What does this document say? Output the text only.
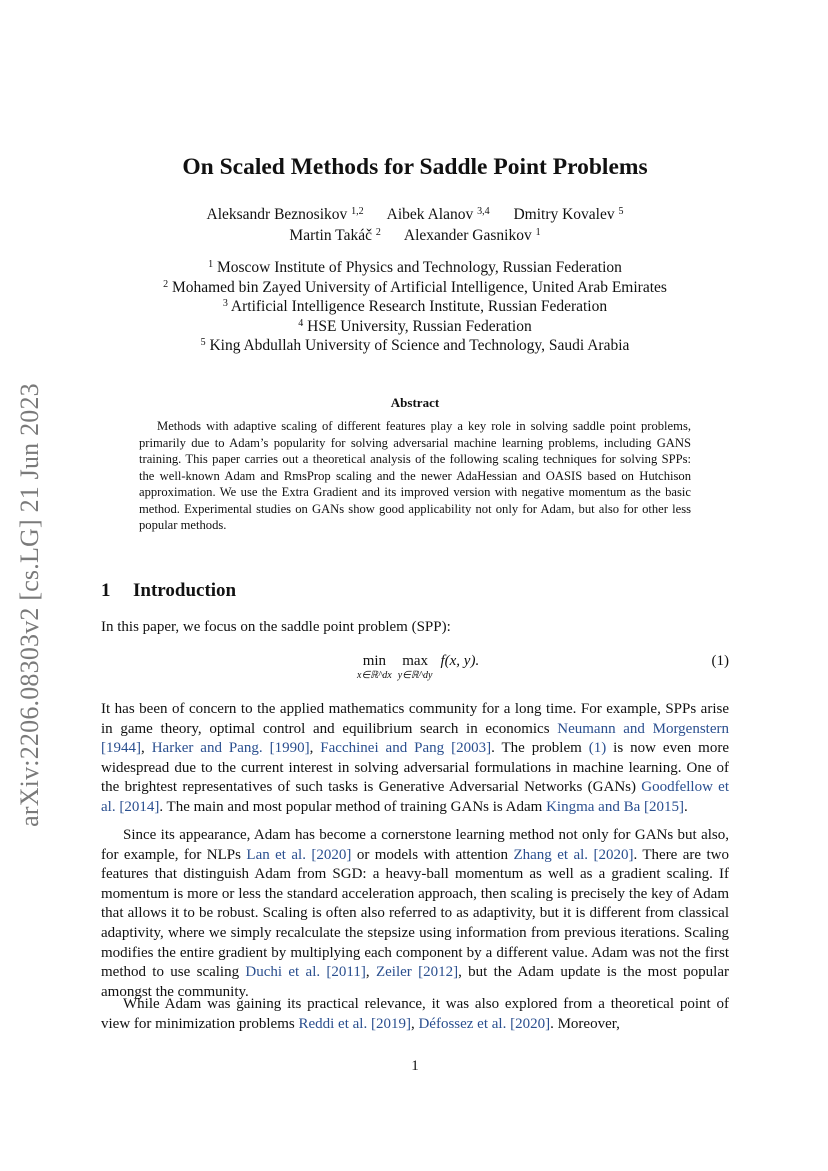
arXiv:2206.08303v2 [cs.LG] 21 Jun 2023
On Scaled Methods for Saddle Point Problems
Aleksandr Beznosikov $^{1,2}$ Aibek Alanov $^{3,4}$ Dmitry Kovalev $^5$
Martin Takáč $^2$ Alexander Gasnikov $^1$
$^1$ Moscow Institute of Physics and Technology, Russian Federation
$^2$ Mohamed bin Zayed University of Artificial Intelligence, United Arab Emirates
$^3$ Artificial Intelligence Research Institute, Russian Federation
$^4$ HSE University, Russian Federation
$^5$ King Abdullah University of Science and Technology, Saudi Arabia
Abstract

Methods with adaptive scaling of different features play a key role in solving saddle point problems, primarily due to Adam’s popularity for solving adversarial machine learning problems, including GANS training. This paper carries out a theoretical analysis of the following scaling techniques for solving SPPs: the well-known Adam and RmsProp scaling and the newer AdaHessian and OASIS based on Hutchison approximation. We use the Extra Gradient and its improved version with negative momentum as the basic method. Experimental studies on GANs show good applicability not only for Adam, but also for other less popular methods.

1 Introduction

In this paper, we focus on the saddle point problem (SPP):

min
x∈ℝ^dx
max
y∈ℝ^dy
f(x, y).	(1)

It has been of concern to the applied mathematics community for a long time. For example, SPPs arise in game theory, optimal control and equilibrium search in economics Neumann and Morgenstern [1944], Harker and Pang. [1990], Facchinei and Pang [2003]. The problem (1) is now even more widespread due to the current interest in solving adversarial formulations in machine learning. One of the brightest representatives of such tasks is Generative Adversarial Networks (GANs) Goodfellow et al. [2014]. The main and most popular method of training GANs is Adam Kingma and Ba [2015].

Since its appearance, Adam has become a cornerstone learning method not only for GANs but also, for example, for NLPs Lan et al. [2020] or models with attention Zhang et al. [2020]. There are two features that distinguish Adam from SGD: a heavy-ball momentum as well as a gradient scaling. If momentum is more or less the standard acceleration approach, then scaling is precisely the key of Adam that allows it to be robust. Scaling is often also referred to as adaptivity, but it is different from classical adaptivity, where we simply recalculate the stepsize using information from previous iterations. Scaling modifies the entire gradient by multiplying each component by a different value. Adam was not the first method to use scaling Duchi et al. [2011], Zeiler [2012], but the Adam update is the most popular amongst the community.

While Adam was gaining its practical relevance, it was also explored from a theoretical point of view for minimization problems Reddi et al. [2019], Défossez et al. [2020]. Moreover,

1
